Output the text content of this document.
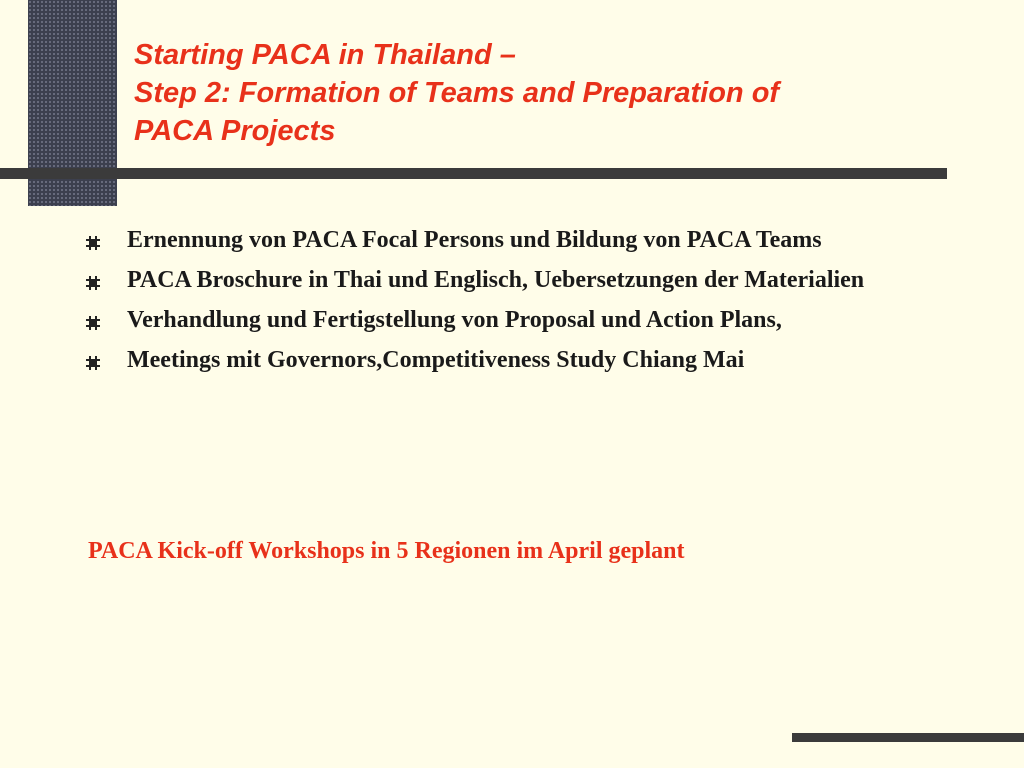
Starting PACA in Thailand –
Step 2: Formation of Teams and Preparation of
PACA Projects
Ernennung von PACA Focal Persons und Bildung von PACA Teams
PACA Broschure in Thai und Englisch, Uebersetzungen der Materialien
Verhandlung und Fertigstellung von Proposal und Action Plans,
Meetings mit Governors,Competitiveness Study Chiang Mai

PACA Kick-off Workshops in 5 Regionen im April geplant
